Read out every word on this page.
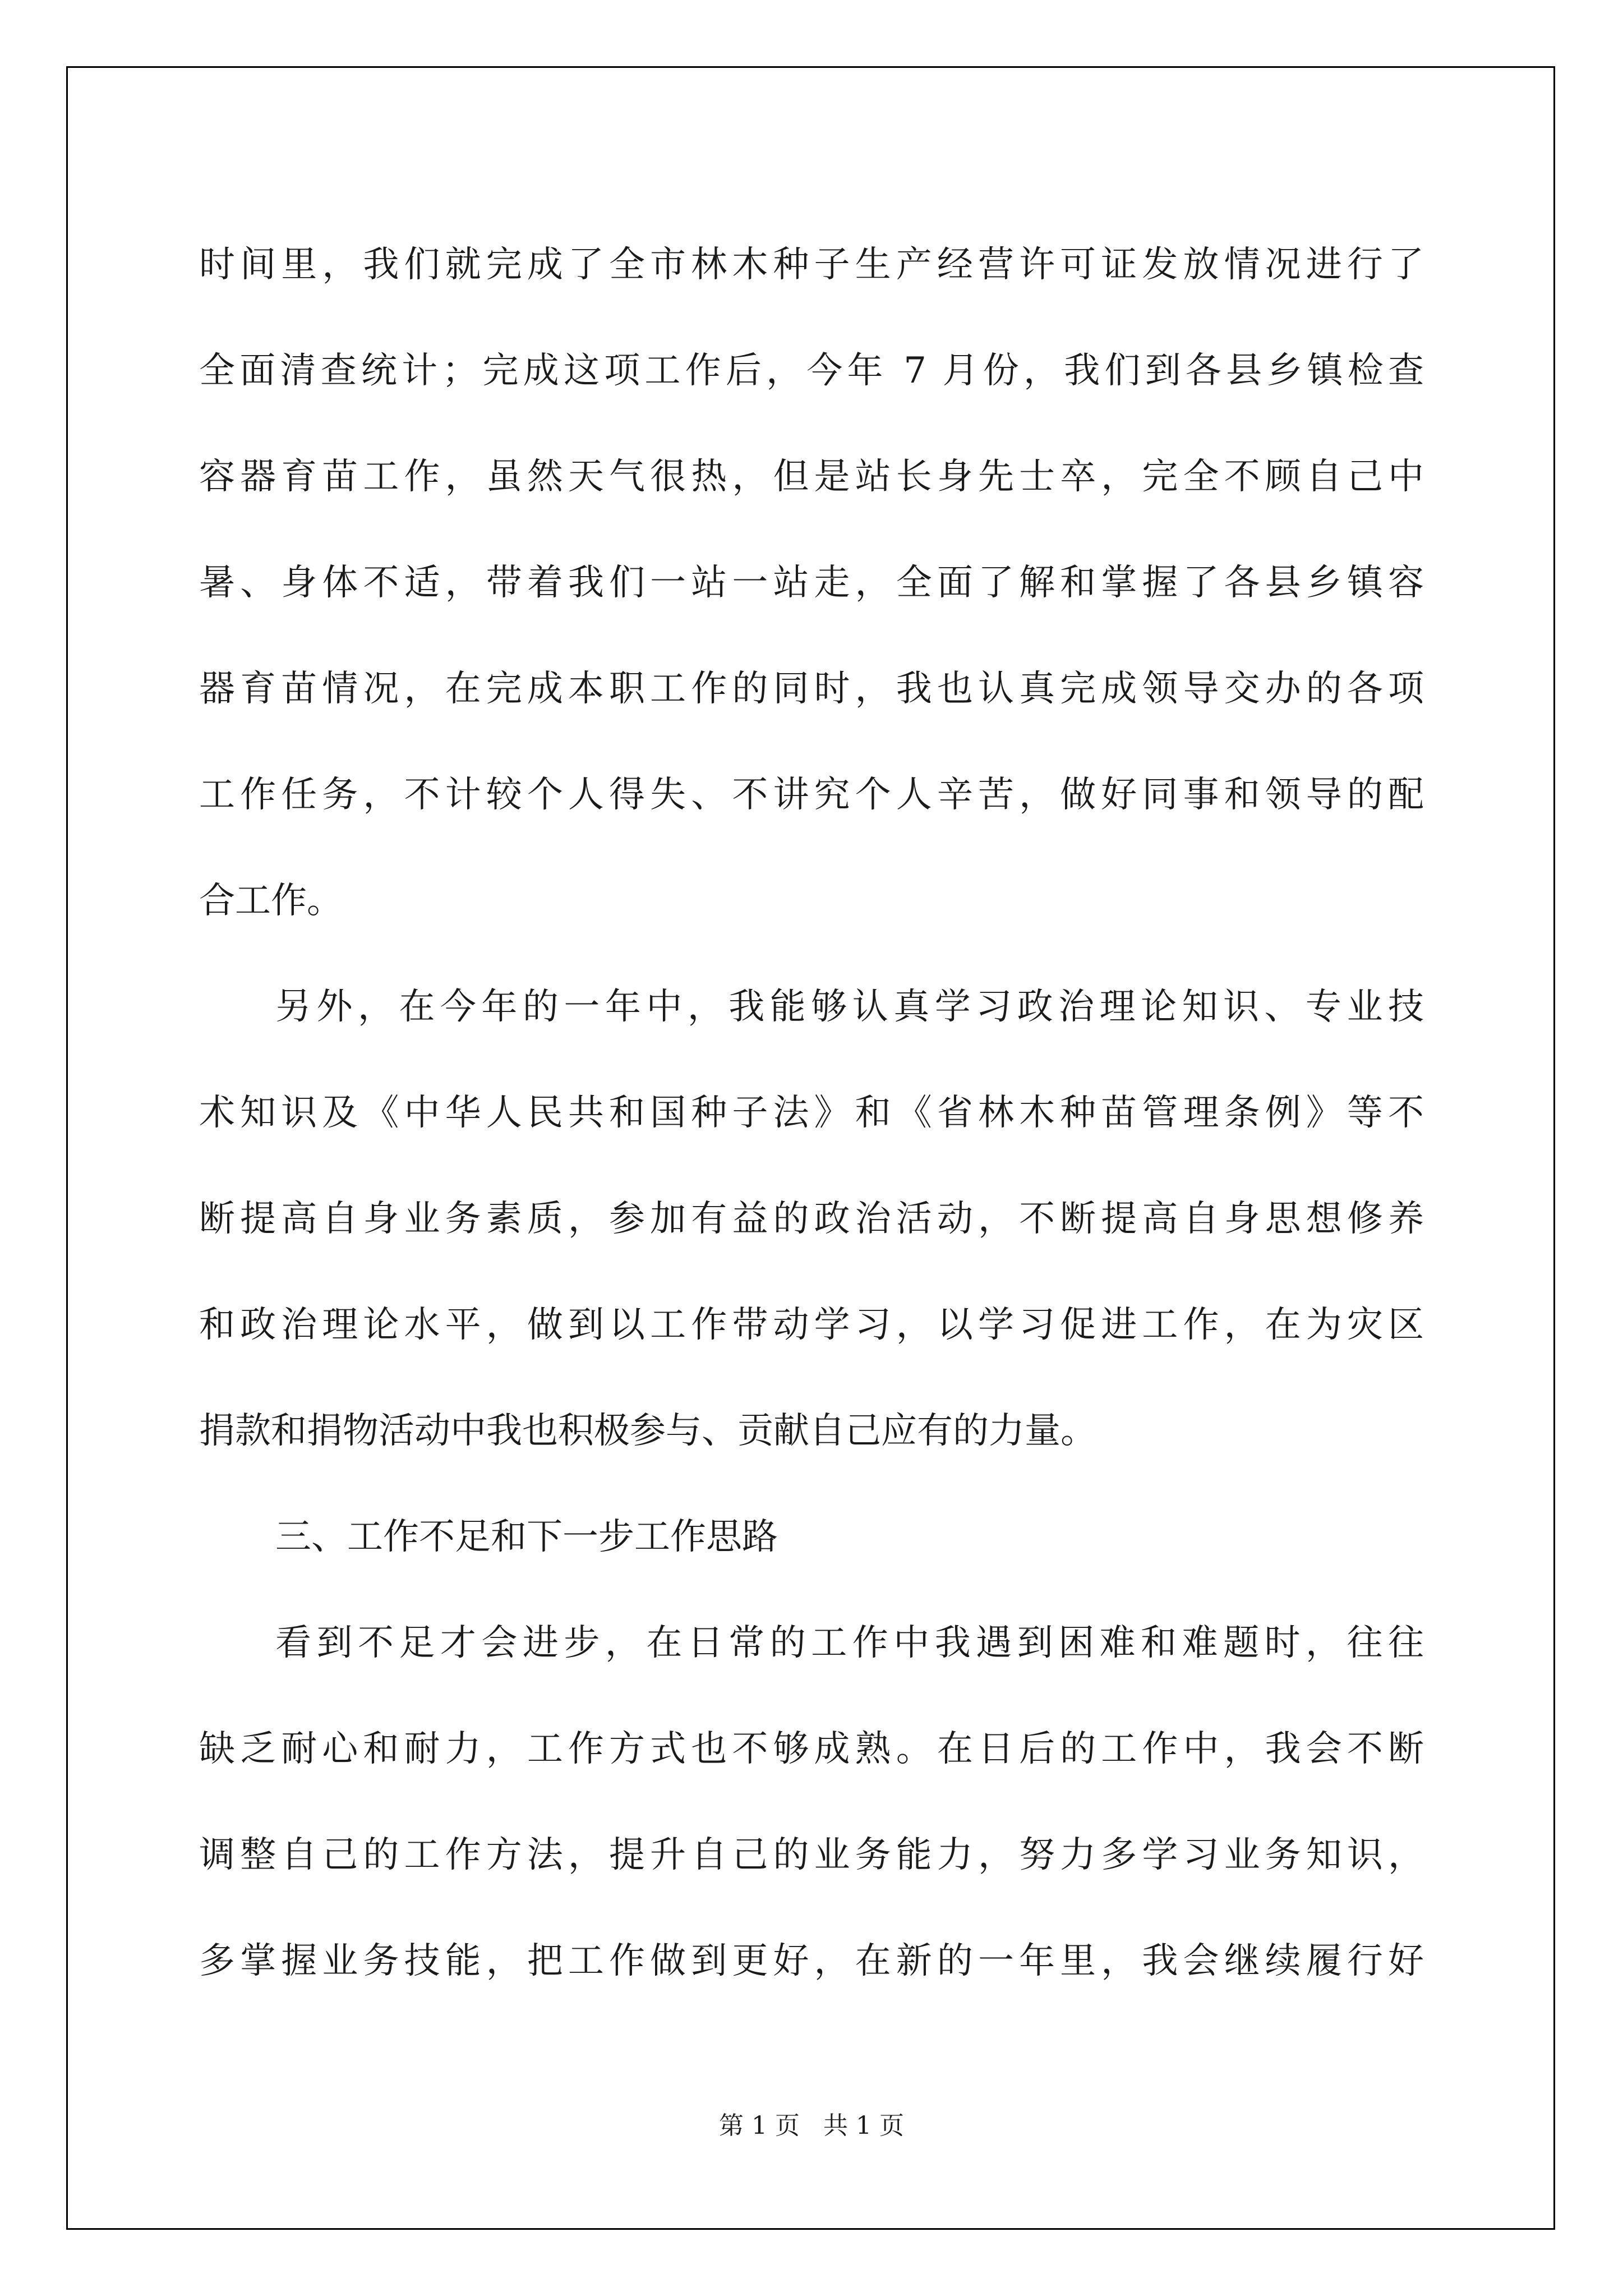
时间里，我们就完成了全市林木种子生产经营许可证发放情况进行了
全面清查统计；完成这项工作后，今年 7 月份，我们到各县乡镇检查
容器育苗工作，虽然天气很热，但是站长身先士卒，完全不顾自己中
暑、身体不适，带着我们一站一站走，全面了解和掌握了各县乡镇容
器育苗情况，在完成本职工作的同时，我也认真完成领导交办的各项
工作任务，不计较个人得失、不讲究个人辛苦，做好同事和领导的配
合工作。
另外，在今年的一年中，我能够认真学习政治理论知识、专业技
术知识及《中华人民共和国种子法》和《省林木种苗管理条例》等不
断提高自身业务素质，参加有益的政治活动，不断提高自身思想修养
和政治理论水平，做到以工作带动学习，以学习促进工作，在为灾区
捐款和捐物活动中我也积极参与、贡献自己应有的力量。
三、工作不足和下一步工作思路
看到不足才会进步，在日常的工作中我遇到困难和难题时，往往
缺乏耐心和耐力，工作方式也不够成熟。在日后的工作中，我会不断
调整自己的工作方法，提升自己的业务能力，努力多学习业务知识，
多掌握业务技能，把工作做到更好，在新的一年里，我会继续履行好
第 1 页 共 1 页
